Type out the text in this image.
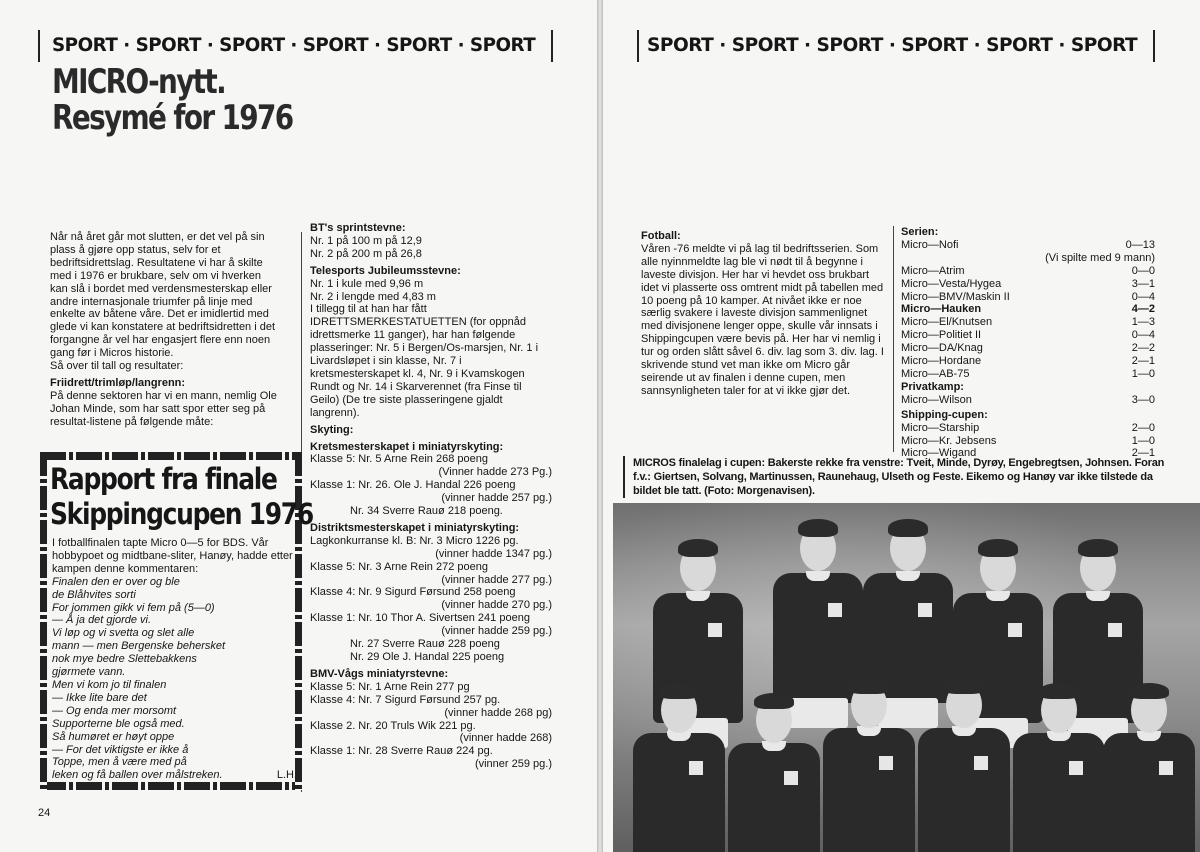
SPORT · SPORT · SPORT · SPORT · SPORT · SPORT
MICRO-nytt.
Resymé for 1976

Når nå året går mot slutten, er det vel på sin plass å gjøre opp status, selv for et bedriftsidrettslag. Resultatene vi har å skilte med i 1976 er brukbare, selv om vi hverken kan slå i bordet med verdensmesterskap eller andre internasjonale triumfer på linje med enkelte av båtene våre. Det er imidlertid med glede vi kan konstatere at bedriftsidretten i det forgangne år vel har engasjert flere enn noen gang før i Micros historie.

Så over til tall og resultater:

Friidrett/trimløp/langrenn:

På denne sektoren har vi en mann, nemlig Ole Johan Minde, som har satt spor etter seg på resultat-listene på følgende måte:

BT's sprintstevne:

Nr. 1 på 100 m på 12,9

Nr. 2 på 200 m på 26,8

Telesports Jubileumsstevne:

Nr. 1 i kule med 9,96 m

Nr. 2 i lengde med 4,83 m

I tillegg til at han har fått IDRETTSMERKESTATUETTEN (for oppnåd idrettsmerke 11 ganger), har han følgende plasseringer: Nr. 5 i Bergen/Os-marsjen, Nr. 1 i Livardsløpet i sin klasse, Nr. 7 i kretsmesterskapet kl. 4, Nr. 9 i Kvamskogen Rundt og Nr. 14 i Skarverennet (fra Finse til Geilo) (De tre siste plasseringene gjaldt langrenn).

Skyting:

Kretsmesterskapet i miniatyrskyting:

Klasse 5: Nr. 5 Arne Rein 268 poeng

(Vinner hadde 273 Pg.)

Klasse 1: Nr. 26. Ole J. Handal 226 poeng

(vinner hadde 257 pg.)

Nr. 34 Sverre Rauø 218 poeng.

Distriktsmesterskapet i miniatyrskyting:

Lagkonkurranse kl. B: Nr. 3 Micro 1226 pg.

(vinner hadde 1347 pg.)

Klasse 5: Nr. 3 Arne Rein 272 poeng

(vinner hadde 277 pg.)

Klasse 4: Nr. 9 Sigurd Førsund 258 poeng

(vinner hadde 270 pg.)

Klasse 1: Nr. 10 Thor A. Sivertsen 241 poeng

(vinner hadde 259 pg.)

Nr. 27 Sverre Rauø 228 poeng

Nr. 29 Ole J. Handal 225 poeng

BMV-Vågs miniatyrstevne:

Klasse 5: Nr. 1 Arne Rein 277 pg

Klasse 4: Nr. 7 Sigurd Førsund 257 pg.

(vinner hadde 268 pg)

Klasse 2. Nr. 20 Truls Wik 221 pg.

(vinner hadde 268)

Klasse 1: Nr. 28 Sverre Rauø 224 pg.

(vinner 259 pg.)

Rapport fra finale
Skippingcupen 1976

I fotballfinalen tapte Micro 0—5 for BDS. Vår hobbypoet og midtbane-sliter, Hanøy, hadde etter kampen denne kommentaren:

Finalen den er over og ble

de Blåhvites sorti

For jommen gikk vi fem på (5—0)

— Å ja det gjorde vi.

Vi løp og vi svetta og slet alle

mann — men Bergenske behersket

nok mye bedre Slettebakkens

gjørmete vann.

Men vi kom jo til finalen

— Ikke lite bare det

— Og enda mer morsomt

Supporterne ble også med.

Så humøret er høyt oppe

— For det viktigste er ikke å

Toppe, men å være med på

leken og få ballen over målstreken.	L.H.

24
SPORT · SPORT · SPORT · SPORT · SPORT · SPORT

Fotball:

Våren -76 meldte vi på lag til bedriftsserien. Som alle nyinnmeldte lag ble vi nødt til å begynne i laveste divisjon. Her har vi hevdet oss brukbart idet vi plasserte oss omtrent midt på tabellen med 10 poeng på 10 kamper. At nivået ikke er noe særlig svakere i laveste divisjon sammenlignet med divisjonene lenger oppe, skulle vår innsats i Shippingcupen være bevis på. Her har vi nemlig i tur og orden slått såvel 6. div. lag som 3. div. lag. I skrivende stund vet man ikke om Micro går seirende ut av finalen i denne cupen, men sannsynligheten taler for at vi ikke gjør det.

Serien:

Micro—Nofi	0—13

(Vi spilte med 9 mann)

Micro—Atrim	0—0
Micro—Vesta/Hygea	3—1
Micro—BMV/Maskin II	0—4
Micro—Hauken	4—2
Micro—El/Knutsen	1—3
Micro—Politiet II	0—4
Micro—DA/Knag	2—2
Micro—Hordane	2—1
Micro—AB-75	1—0

Privatkamp:

Micro—Wilson	3—0

Shipping-cupen:

Micro—Starship	2—0
Micro—Kr. Jebsens	1—0
Micro—Wigand	2—1
MICROS finalelag i cupen: Bakerste rekke fra venstre: Tveit, Minde, Dyrøy, Engebregtsen, Johnsen. Foran f.v.: Giertsen, Solvang, Martinussen, Raunehaug, Ulseth og Feste. Eikemo og Hanøy var ikke tilstede da bildet ble tatt. (Foto: Morgenavisen).
